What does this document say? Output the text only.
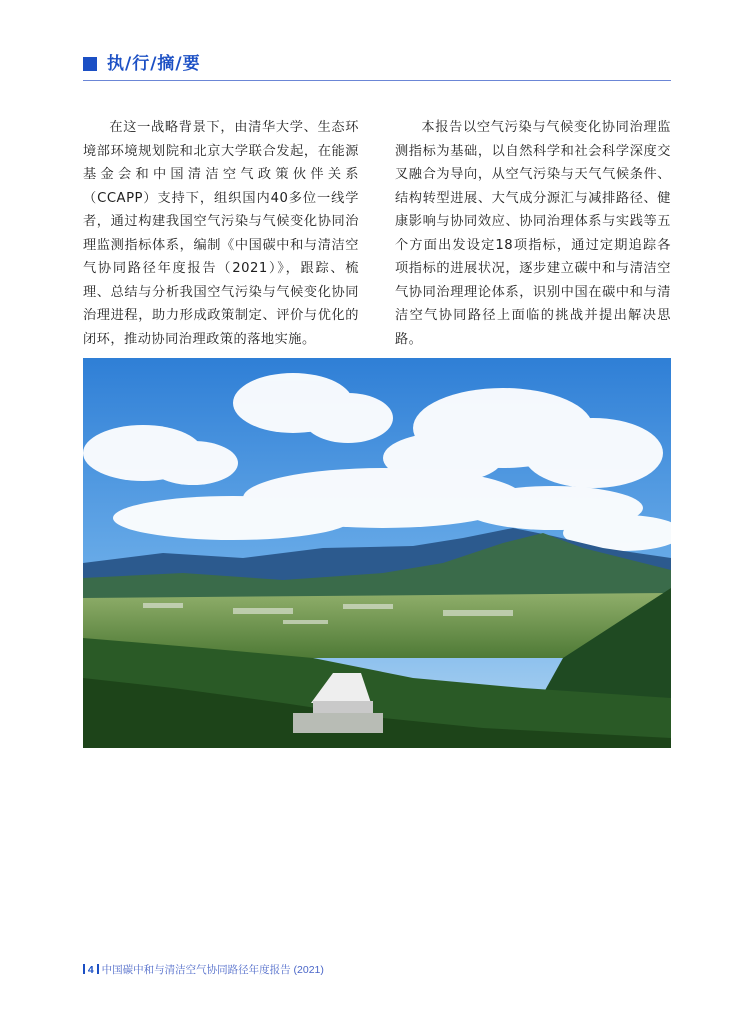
执/行/摘/要
在这一战略背景下，由清华大学、生态环境部环境规划院和北京大学联合发起，在能源基金会和中国清洁空气政策伙伴关系（CCAPP）支持下，组织国内40多位一线学者，通过构建我国空气污染与气候变化协同治理监测指标体系，编制《中国碳中和与清洁空气协同路径年度报告（2021）》，跟踪、梳理、总结与分析我国空气污染与气候变化协同治理进程，助力形成政策制定、评价与优化的闭环，推动协同治理政策的落地实施。
本报告以空气污染与气候变化协同治理监测指标为基础，以自然科学和社会科学深度交叉融合为导向，从空气污染与天气气候条件、结构转型进展、大气成分源汇与减排路径、健康影响与协同效应、协同治理体系与实践等五个方面出发设定18项指标，通过定期追踪各项指标的进展状况，逐步建立碳中和与清洁空气协同治理理论体系，识别中国在碳中和与清洁空气协同路径上面临的挑战并提出解决思路。
4 中国碳中和与清洁空气协同路径年度报告 (2021)
